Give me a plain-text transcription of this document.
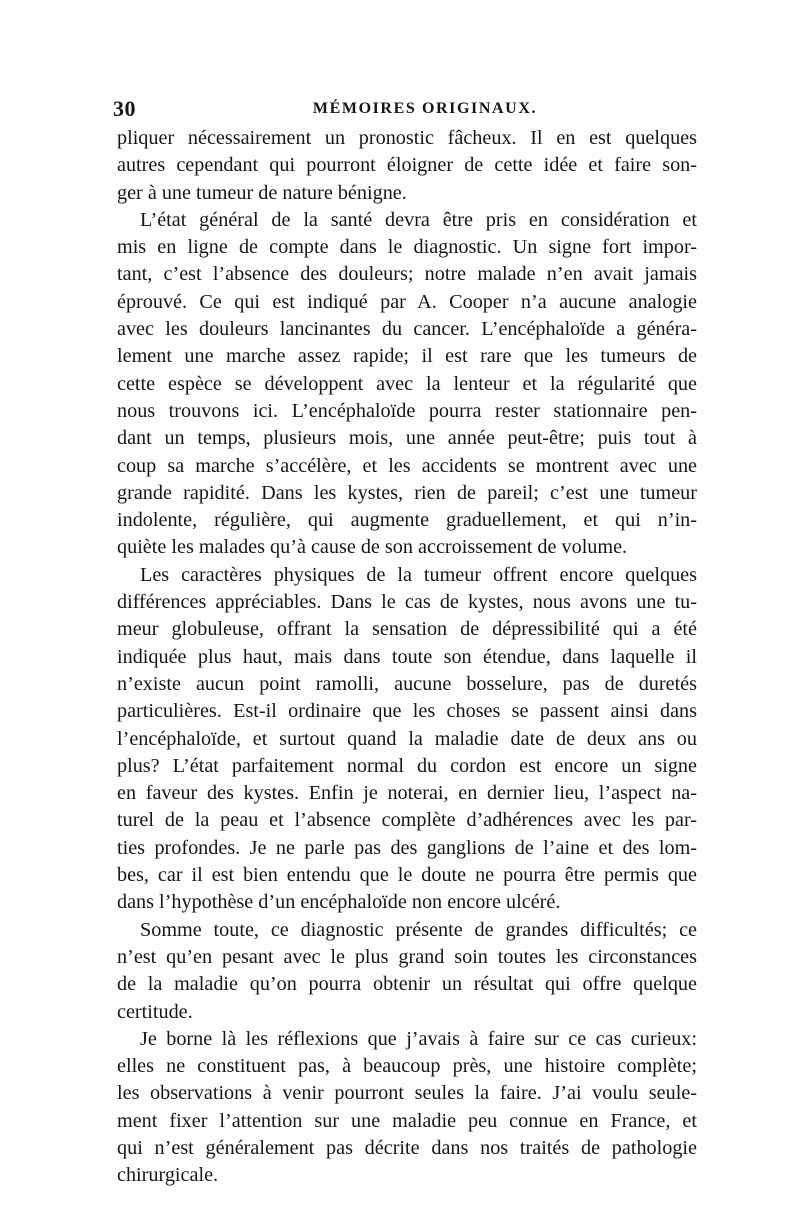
30	MÉMOIRES ORIGINAUX.
pliquer nécessairement un pronostic fâcheux. Il en est quelques
autres cependant qui pourront éloigner de cette idée et faire son-
ger à une tumeur de nature bénigne.
L’état général de la santé devra être pris en considération et
mis en ligne de compte dans le diagnostic. Un signe fort impor-
tant, c’est l’absence des douleurs; notre malade n’en avait jamais
éprouvé. Ce qui est indiqué par A. Cooper n’a aucune analogie
avec les douleurs lancinantes du cancer. L’encéphaloïde a généra-
lement une marche assez rapide; il est rare que les tumeurs de
cette espèce se développent avec la lenteur et la régularité que
nous trouvons ici. L’encéphaloïde pourra rester stationnaire pen-
dant un temps, plusieurs mois, une année peut-être; puis tout à
coup sa marche s’accélère, et les accidents se montrent avec une
grande rapidité. Dans les kystes, rien de pareil; c’est une tumeur
indolente, régulière, qui augmente graduellement, et qui n’in-
quiète les malades qu’à cause de son accroissement de volume.
Les caractères physiques de la tumeur offrent encore quelques
différences appréciables. Dans le cas de kystes, nous avons une tu-
meur globuleuse, offrant la sensation de dépressibilité qui a été
indiquée plus haut, mais dans toute son étendue, dans laquelle il
n’existe aucun point ramolli, aucune bosselure, pas de duretés
particulières. Est-il ordinaire que les choses se passent ainsi dans
l’encéphaloïde, et surtout quand la maladie date de deux ans ou
plus? L’état parfaitement normal du cordon est encore un signe
en faveur des kystes. Enfin je noterai, en dernier lieu, l’aspect na-
turel de la peau et l’absence complète d’adhérences avec les par-
ties profondes. Je ne parle pas des ganglions de l’aine et des lom-
bes, car il est bien entendu que le doute ne pourra être permis que
dans l’hypothèse d’un encéphaloïde non encore ulcéré.
Somme toute, ce diagnostic présente de grandes difficultés; ce
n’est qu’en pesant avec le plus grand soin toutes les circonstances
de la maladie qu’on pourra obtenir un résultat qui offre quelque
certitude.
Je borne là les réflexions que j’avais à faire sur ce cas curieux:
elles ne constituent pas, à beaucoup près, une histoire complète;
les observations à venir pourront seules la faire. J’ai voulu seule-
ment fixer l’attention sur une maladie peu connue en France, et
qui n’est généralement pas décrite dans nos traités de pathologie
chirurgicale.
